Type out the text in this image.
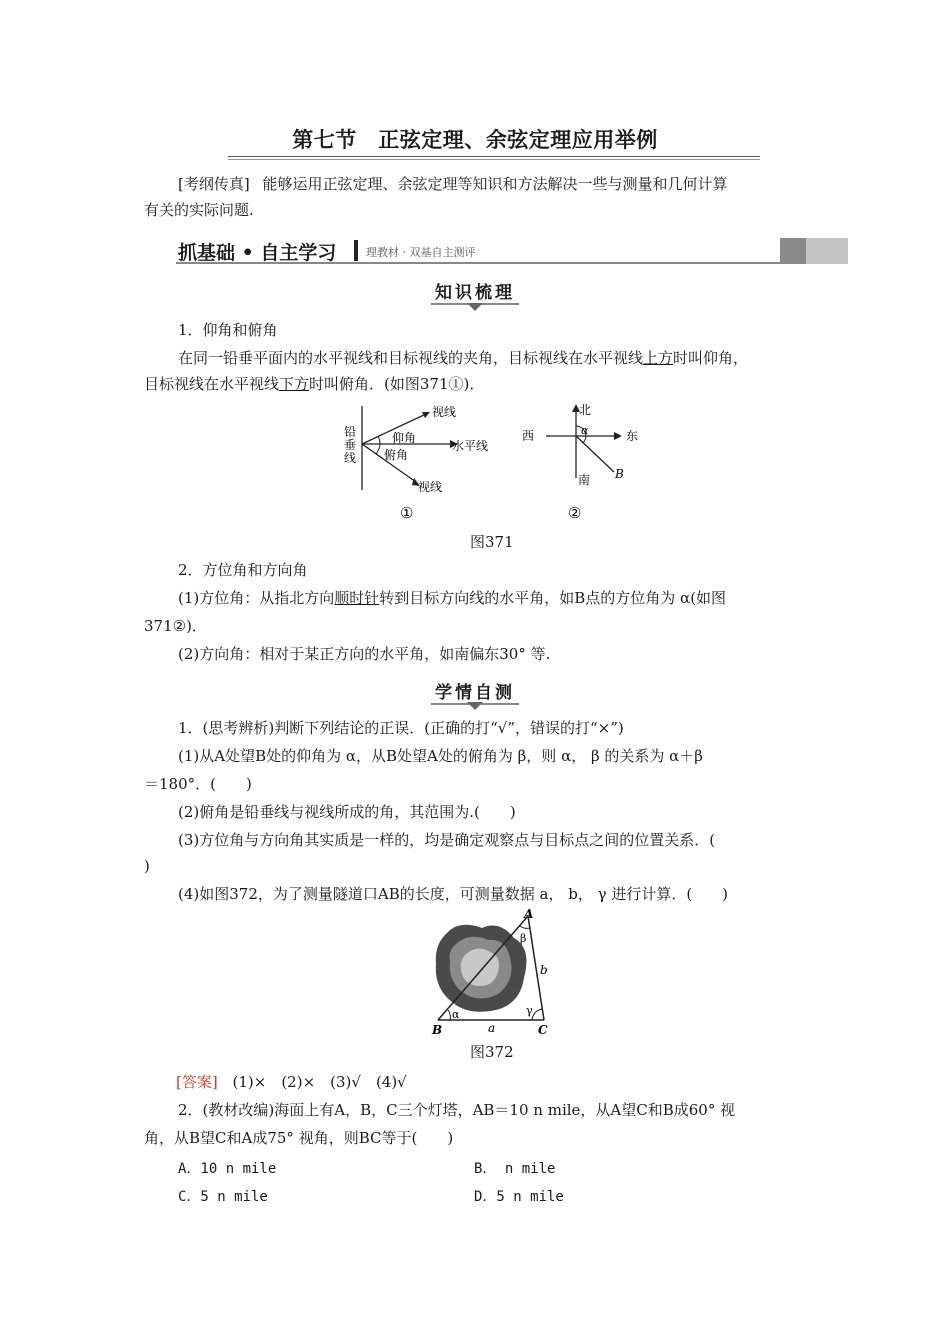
第七节　正弦定理、余弦定理应用举例
[考纲传真] 能够运用正弦定理、余弦定理等知识和方法解决一些与测量和几何计算
有关的实际问题.
抓基础 • 自主学习	理教材 · 双基自主测评
知识梳理
1．仰角和俯角
在同一铅垂平面内的水平视线和目标视线的夹角，目标视线在水平视线上方时叫仰角，
目标视线在水平视线下方时叫俯角．(如图371①)．
铅
垂
线
视线
仰角
水平线
俯角
视线
①
北
西	东
α
南 B
②
图371
2．方位角和方向角
(1)方位角：从指北方向顺时针转到目标方向线的水平角，如B点的方位角为 α(如图
371②)．
(2)方向角：相对于某正方向的水平角，如南偏东30° 等.
学情自测
1．(思考辨析)判断下列结论的正误．(正确的打“√”，错误的打“×”)
(1)从A处望B处的仰角为 α，从B处望A处的俯角为 β，则 α， β 的关系为 α＋β
＝180°．(　　)
(2)俯角是铅垂线与视线所成的角，其范围为.(　　)
(3)方位角与方向角其实质是一样的，均是确定观察点与目标点之间的位置关系．(
)
(4)如图372，为了测量隧道口AB的长度，可测量数据 a， b， γ 进行计算．(　　)
A
B	C
a
b
α
β
γ
图372
[答案] (1)×　(2)×　(3)√　(4)√
2．(教材改编)海面上有A，B，C三个灯塔，AB＝10 n mile，从A望C和B成60° 视
角，从B望C和A成75° 视角，则BC等于(　　)
A．10 n mile	B． n mile
C．5 n mile	D．5 n mile
